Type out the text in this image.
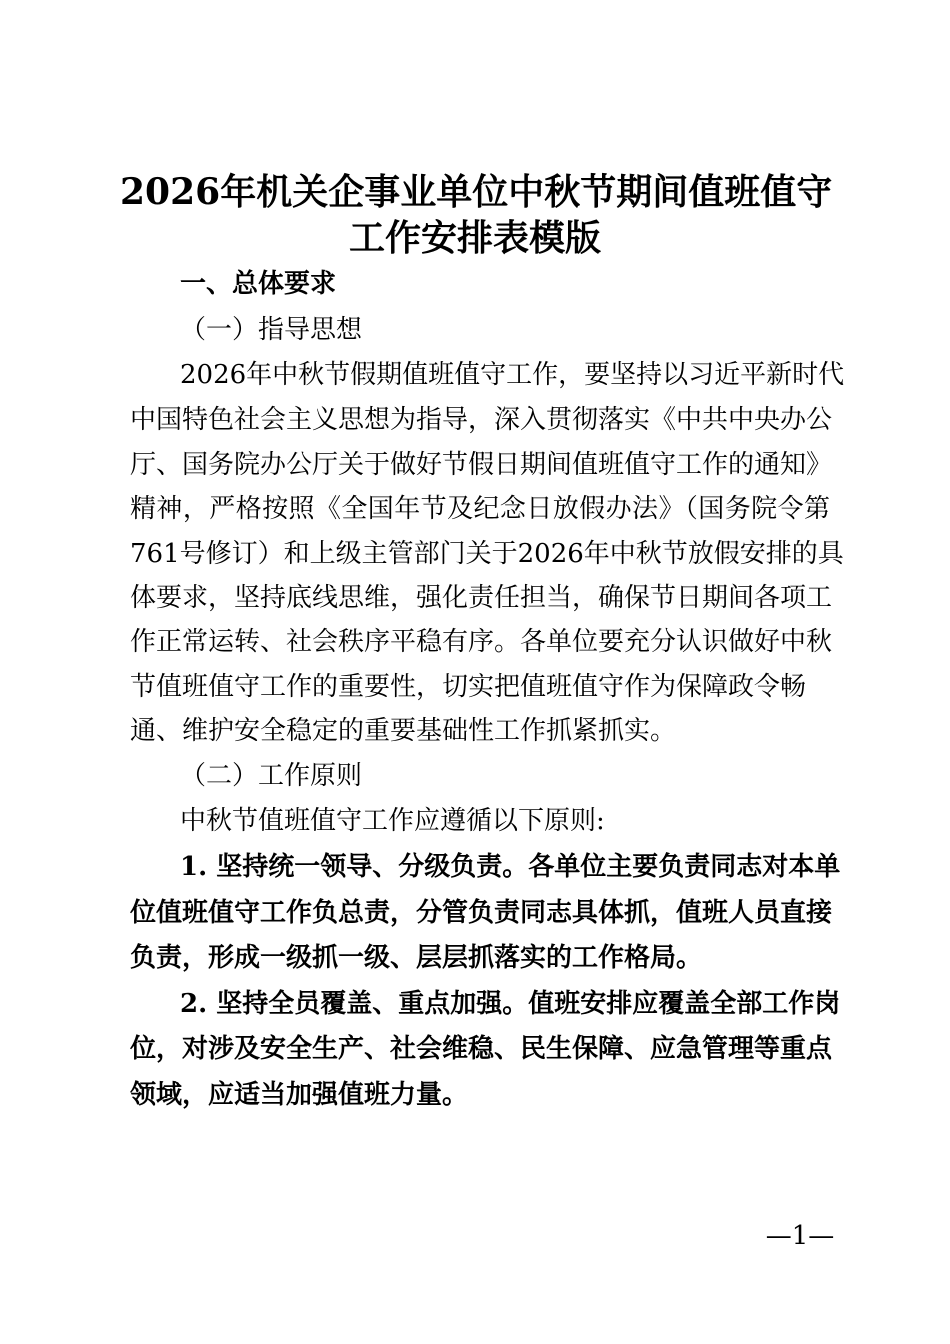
2026年机关企事业单位中秋节期间值班值守
工作安排表模版
一、总体要求
（一）指导思想
2026年中秋节假期值班值守工作，要坚持以习近平新时代
中国特色社会主义思想为指导，深入贯彻落实《中共中央办公
厅、国务院办公厅关于做好节假日期间值班值守工作的通知》
精神，严格按照《全国年节及纪念日放假办法》（国务院令第
761号修订）和上级主管部门关于2026年中秋节放假安排的具
体要求，坚持底线思维，强化责任担当，确保节日期间各项工
作正常运转、社会秩序平稳有序。各单位要充分认识做好中秋
节值班值守工作的重要性，切实把值班值守作为保障政令畅
通、维护安全稳定的重要基础性工作抓紧抓实。
（二）工作原则
中秋节值班值守工作应遵循以下原则:
1. 坚持统一领导、分级负责。各单位主要负责同志对本单
位值班值守工作负总责，分管负责同志具体抓，值班人员直接
负责，形成一级抓一级、层层抓落实的工作格局。
2. 坚持全员覆盖、重点加强。值班安排应覆盖全部工作岗
位，对涉及安全生产、社会维稳、民生保障、应急管理等重点
领域，应适当加强值班力量。
—1—
